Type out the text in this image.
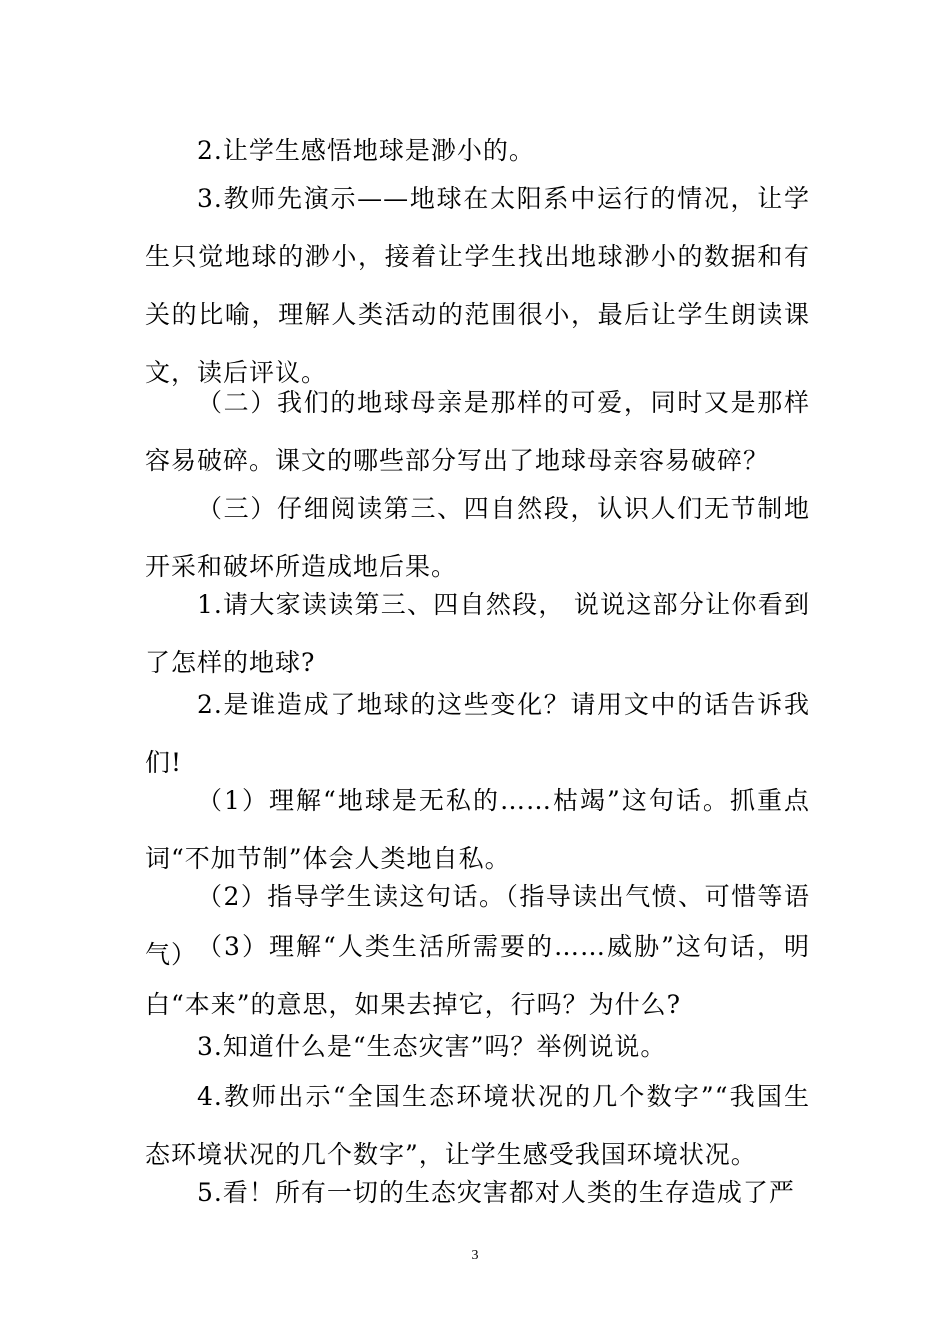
2.让学生感悟地球是渺小的。

3.教师先演示——地球在太阳系中运行的情况，让学生只觉地球的渺小，接着让学生找出地球渺小的数据和有关的比喻，理解人类活动的范围很小，最后让学生朗读课文，读后评议。

（二）我们的地球母亲是那样的可爱，同时又是那样容易破碎。课文的哪些部分写出了地球母亲容易破碎？

（三）仔细阅读第三、四自然段，认识人们无节制地开采和破坏所造成地后果。

1.请大家读读第三、四自然段， 说说这部分让你看到了怎样的地球?

2.是谁造成了地球的这些变化？请用文中的话告诉我们!

（1）理解“地球是无私的……枯竭”这句话。抓重点词“不加节制”体会人类地自私。

（2）指导学生读这句话。（指导读出气愤、可惜等语气） （3）理解“人类生活所需要的……威胁”这句话，明白“本来”的意思，如果去掉它，行吗？为什么?

3.知道什么是“生态灾害”吗？举例说说。

4.教师出示“全国生态环境状况的几个数字”“我国生态环境状况的几个数字”，让学生感受我国环境状况。

5.看！所有一切的生态灾害都对人类的生存造成了严

3
